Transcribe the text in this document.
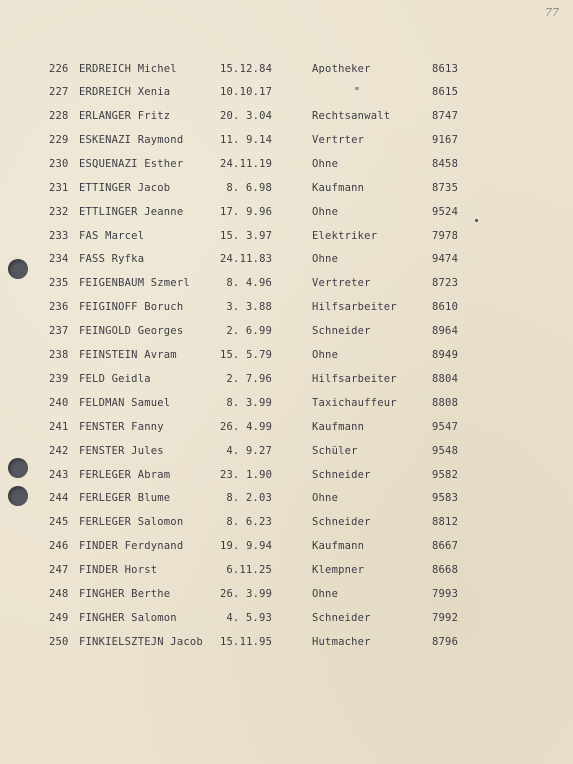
77
226 ERDREICH Michel	15.12.84	Apotheker	8613
227 ERDREICH Xenia	10.10.17	"	8615
228 ERLANGER Fritz	20. 3.04	Rechtsanwalt	8747
229 ESKENAZI Raymond	11. 9.14	Vertrter	9167
230 ESQUENAZI Esther	24.11.19	Ohne	8458
231 ETTINGER Jacob	8. 6.98	Kaufmann	8735
232 ETTLINGER Jeanne	17. 9.96	Ohne	9524
233 FAS Marcel	15. 3.97	Elektriker	7978
234 FASS Ryfka	24.11.83	Ohne	9474
235 FEIGENBAUM Szmerl	8. 4.96	Vertreter	8723
236 FEIGINOFF Boruch	3. 3.88	Hilfsarbeiter	8610
237 FEINGOLD Georges	2. 6.99	Schneider	8964
238 FEINSTEIN Avram	15. 5.79	Ohne	8949
239 FELD Geidla	2. 7.96	Hilfsarbeiter	8804
240 FELDMAN Samuel	8. 3.99	Taxichauffeur	8808
241 FENSTER Fanny	26. 4.99	Kaufmann	9547
242 FENSTER Jules	4. 9.27	Schüler	9548
243 FERLEGER Abram	23. 1.90	Schneider	9582
244 FERLEGER Blume	8. 2.03	Ohne	9583
245 FERLEGER Salomon	8. 6.23	Schneider	8812
246 FINDER Ferdynand	19. 9.94	Kaufmann	8667
247 FINDER Horst	6.11.25	Klempner	8668
248 FINGHER Berthe	26. 3.99	Ohne	7993
249 FINGHER Salomon	4. 5.93	Schneider	7992
250 FINKIELSZTEJN Jacob 15.11.95	Hutmacher	8796
